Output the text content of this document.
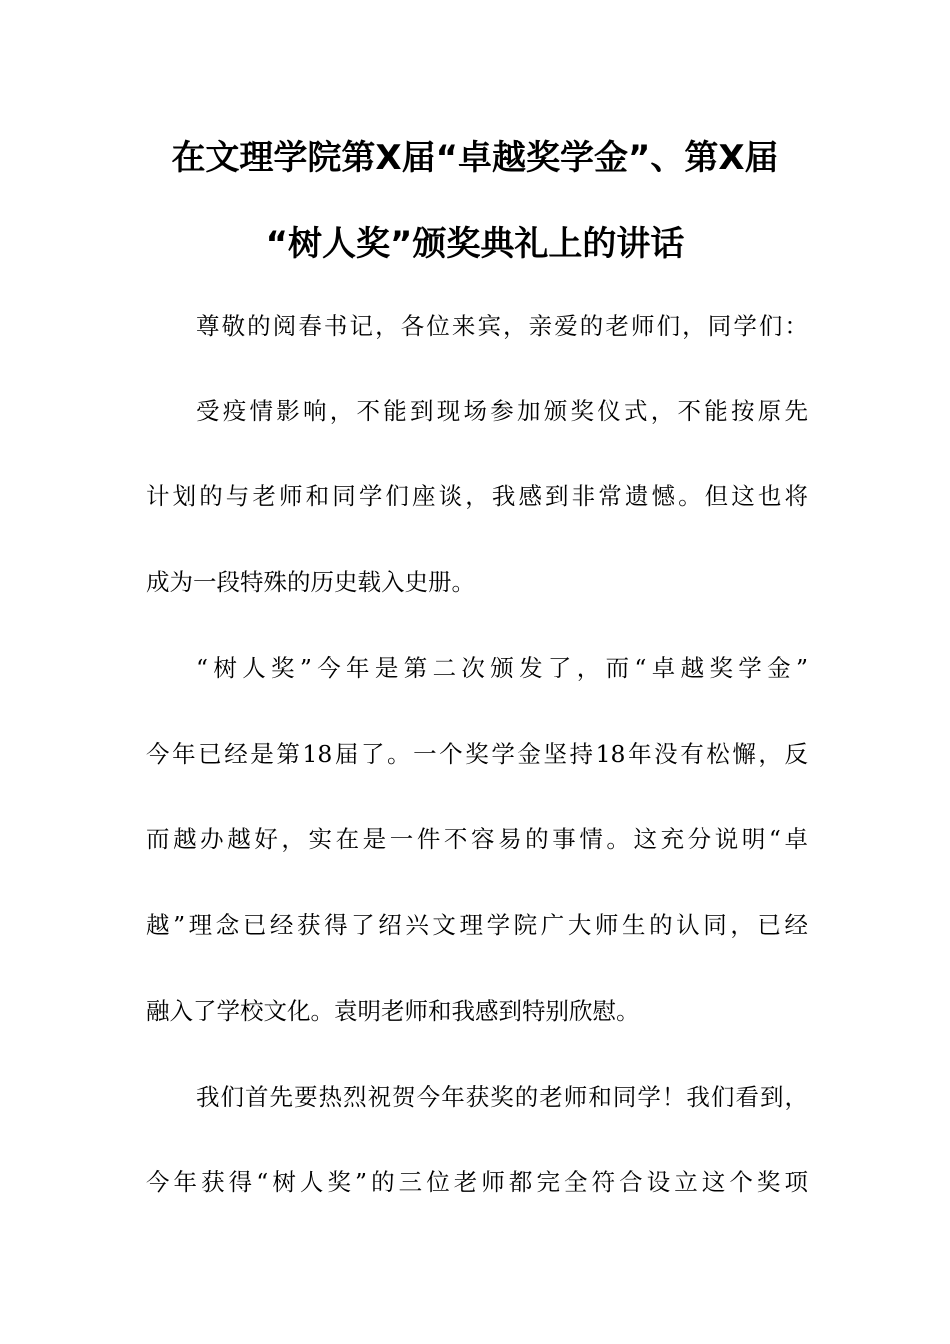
在文理学院第X届“卓越奖学金”、第X届
“树人奖”颁奖典礼上的讲话
尊敬的阅春书记，各位来宾，亲爱的老师们，同学们：
受疫情影响，不能到现场参加颁奖仪式，不能按原先
计划的与老师和同学们座谈，我感到非常遗憾。但这也将
成为一段特殊的历史载入史册。
“树人奖”今年是第二次颁发了，而“卓越奖学金”
今年已经是第18届了。一个奖学金坚持18年没有松懈，反
而越办越好，实在是一件不容易的事情。这充分说明“卓
越”理念已经获得了绍兴文理学院广大师生的认同，已经
融入了学校文化。袁明老师和我感到特别欣慰。
我们首先要热烈祝贺今年获奖的老师和同学！我们看到，
今年获得“树人奖”的三位老师都完全符合设立这个奖项
